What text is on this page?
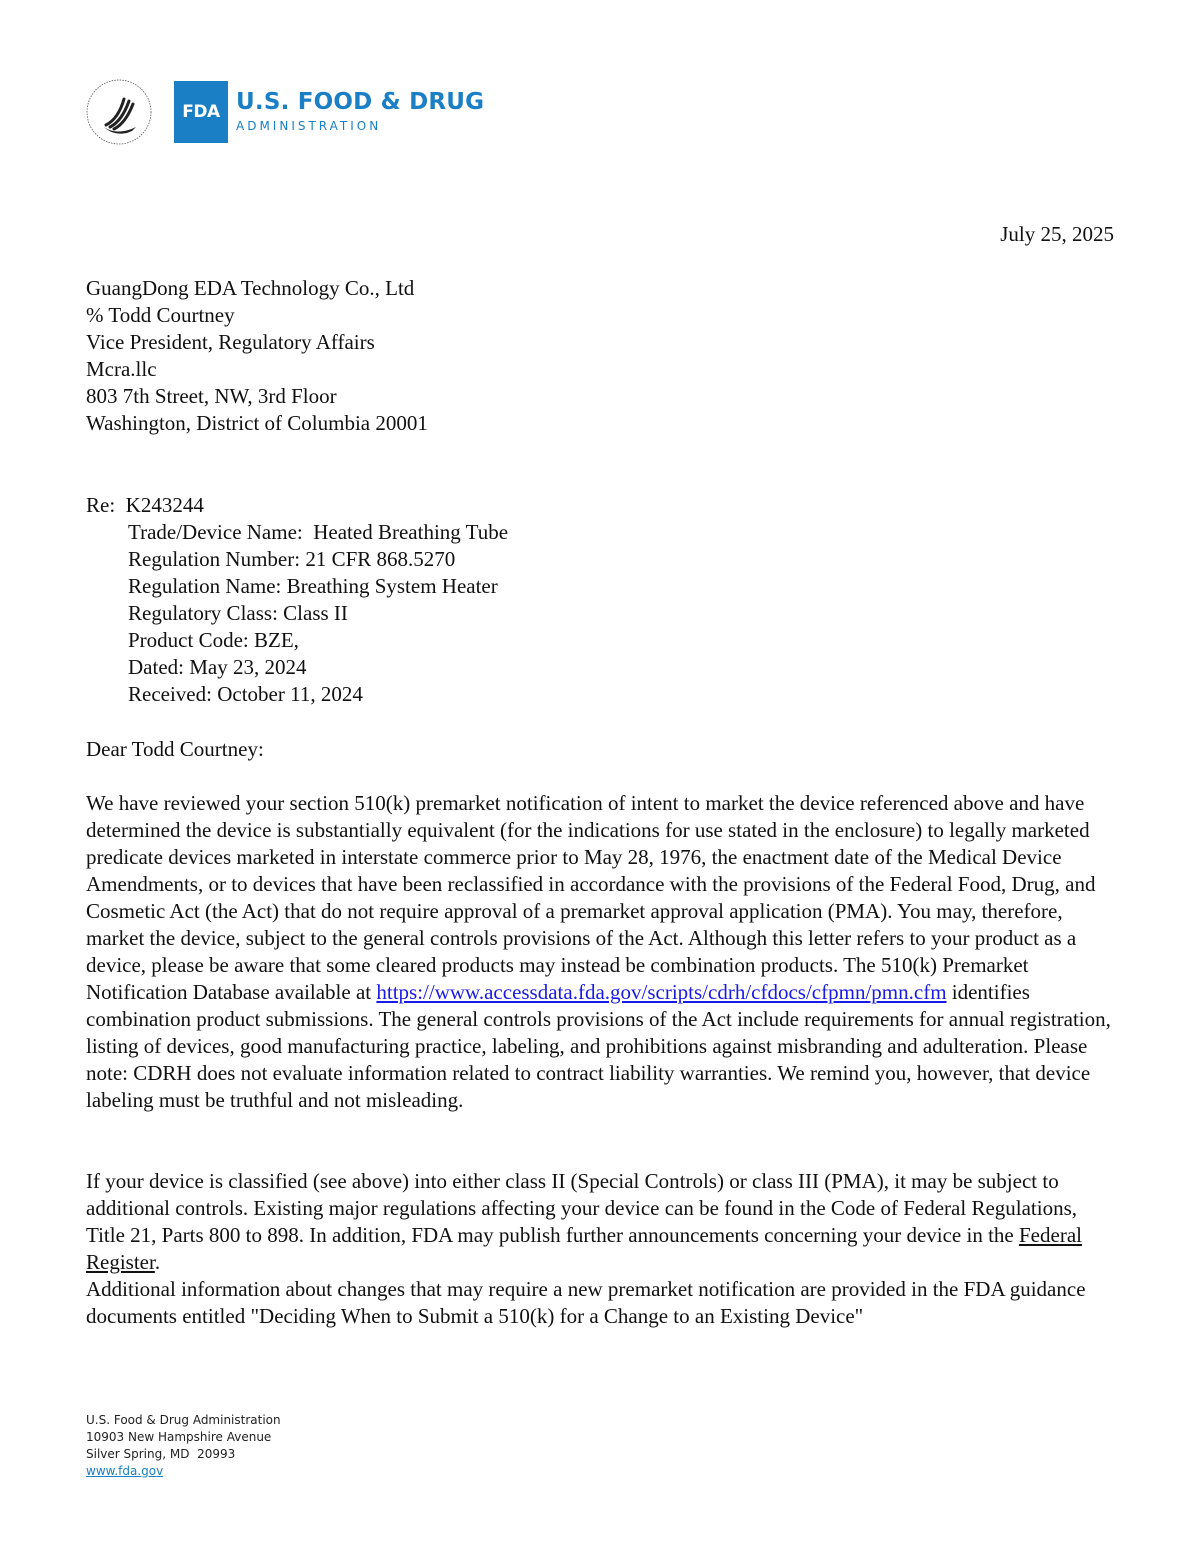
FDA U.S. FOOD & DRUG
ADMINISTRATION
July 25, 2025
GuangDong EDA Technology Co., Ltd
% Todd Courtney
Vice President, Regulatory Affairs
Mcra.llc
803 7th Street, NW, 3rd Floor
Washington, District of Columbia 20001
Re: K243244
Trade/Device Name: Heated Breathing Tube
Regulation Number: 21 CFR 868.5270
Regulation Name: Breathing System Heater
Regulatory Class: Class II
Product Code: BZE,
Dated: May 23, 2024
Received: October 11, 2024
Dear Todd Courtney:
We have reviewed your section 510(k) premarket notification of intent to market the device referenced above and have determined the device is substantially equivalent (for the indications for use stated in the enclosure) to legally marketed predicate devices marketed in interstate commerce prior to May 28, 1976, the enactment date of the Medical Device Amendments, or to devices that have been reclassified in accordance with the provisions of the Federal Food, Drug, and Cosmetic Act (the Act) that do not require approval of a premarket approval application (PMA). You may, therefore, market the device, subject to the general controls provisions of the Act. Although this letter refers to your product as a device, please be aware that some cleared products may instead be combination products. The 510(k) Premarket Notification Database available at https://www.accessdata.fda.gov/scripts/cdrh/cfdocs/cfpmn/pmn.cfm identifies combination product submissions. The general controls provisions of the Act include requirements for annual registration, listing of devices, good manufacturing practice, labeling, and prohibitions against misbranding and adulteration. Please note: CDRH does not evaluate information related to contract liability warranties. We remind you, however, that device labeling must be truthful and not misleading.
If your device is classified (see above) into either class II (Special Controls) or class III (PMA), it may be subject to additional controls. Existing major regulations affecting your device can be found in the Code of Federal Regulations, Title 21, Parts 800 to 898. In addition, FDA may publish further announcements concerning your device in the Federal Register.
Additional information about changes that may require a new premarket notification are provided in the FDA guidance documents entitled "Deciding When to Submit a 510(k) for a Change to an Existing Device"
U.S. Food & Drug Administration
10903 New Hampshire Avenue
Silver Spring, MD  20993
www.fda.gov
